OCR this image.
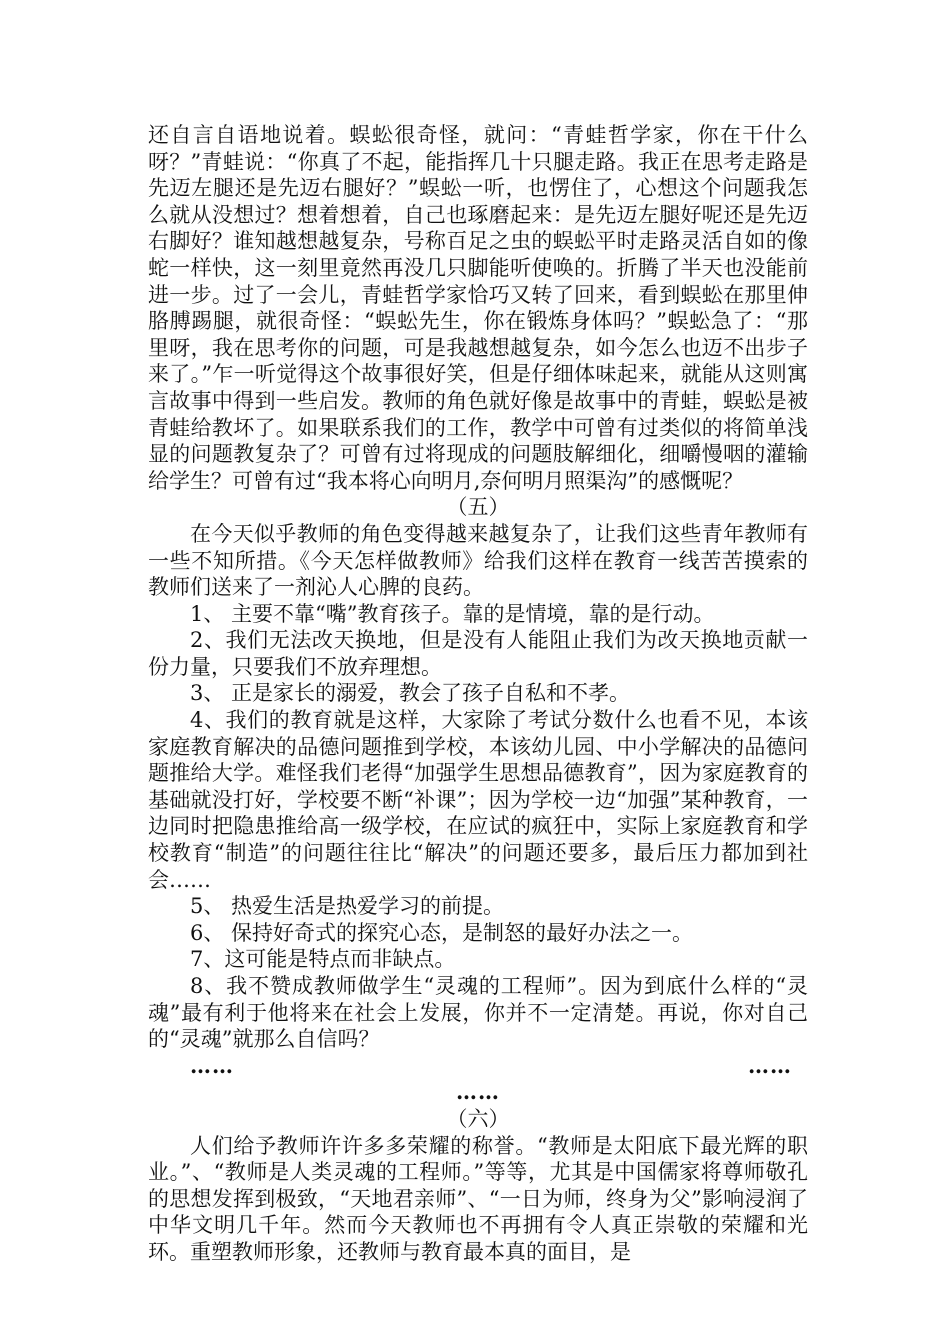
还自言自语地说着。蜈蚣很奇怪，就问：“青蛙哲学家，你在干什么呀？”青蛙说：“你真了不起，能指挥几十只腿走路。我正在思考走路是先迈左腿还是先迈右腿好？”蜈蚣一听，也愣住了，心想这个问题我怎么就从没想过？想着想着，自己也琢磨起来：是先迈左腿好呢还是先迈右脚好？谁知越想越复杂，号称百足之虫的蜈蚣平时走路灵活自如的像蛇一样快，这一刻里竟然再没几只脚能听使唤的。折腾了半天也没能前进一步。过了一会儿，青蛙哲学家恰巧又转了回来，看到蜈蚣在那里伸胳膊踢腿，就很奇怪：“蜈蚣先生，你在锻炼身体吗？”蜈蚣急了：“那里呀，我在思考你的问题，可是我越想越复杂，如今怎么也迈不出步子来了。”乍一听觉得这个故事很好笑，但是仔细体味起来，就能从这则寓言故事中得到一些启发。教师的角色就好像是故事中的青蛙，蜈蚣是被青蛙给教坏了。如果联系我们的工作，教学中可曾有过类似的将简单浅显的问题教复杂了？可曾有过将现成的问题肢解细化，细嚼慢咽的灌输给学生？可曾有过“我本将心向明月,奈何明月照渠沟”的感慨呢？

（五）

在今天似乎教师的角色变得越来越复杂了，让我们这些青年教师有一些不知所措。《今天怎样做教师》给我们这样在教育一线苦苦摸索的教师们送来了一剂沁人心脾的良药。

1、 主要不靠“嘴”教育孩子。靠的是情境，靠的是行动。

2、我们无法改天换地，但是没有人能阻止我们为改天换地贡献一份力量，只要我们不放弃理想。

3、 正是家长的溺爱，教会了孩子自私和不孝。

4、我们的教育就是这样，大家除了考试分数什么也看不见，本该家庭教育解决的品德问题推到学校，本该幼儿园、中小学解决的品德问题推给大学。难怪我们老得“加强学生思想品德教育”，因为家庭教育的基础就没打好，学校要不断“补课”；因为学校一边“加强”某种教育，一边同时把隐患推给高一级学校，在应试的疯狂中，实际上家庭教育和学校教育“制造”的问题往往比“解决”的问题还要多，最后压力都加到社会……

5、 热爱生活是热爱学习的前提。

6、 保持好奇式的探究心态，是制怒的最好办法之一。

7、这可能是特点而非缺点。

8、我不赞成教师做学生“灵魂的工程师”。因为到底什么样的“灵魂”最有利于他将来在社会上发展，你并不一定清楚。再说，你对自己的“灵魂”就那么自信吗？

……	……

……

（六）

人们给予教师许许多多荣耀的称誉。“教师是太阳底下最光辉的职业。”、“教师是人类灵魂的工程师。”等等，尤其是中国儒家将尊师敬孔的思想发挥到极致，“天地君亲师”、“一日为师，终身为父”影响浸润了中华文明几千年。然而今天教师也不再拥有令人真正崇敬的荣耀和光环。重塑教师形象，还教师与教育最本真的面目，是
